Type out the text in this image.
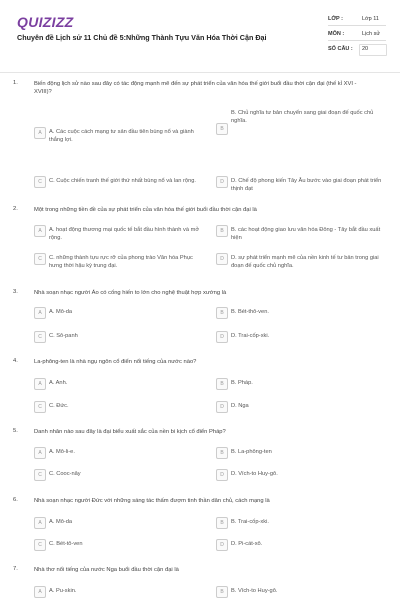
QUIZIZZ
Chuyên đề Lịch sử 11 Chủ đề 5:Những Thành Tựu Văn Hóa Thời Cận Đại
LỚP :	Lớp 11
MÔN :	Lịch sử
SỐ CÂU :	20
1.	Biến động lịch sử nào sau đây có tác động mạnh mẽ đến sự phát triển của văn hóa thế giới buổi đầu thời cận đại (thế kỉ XVI - XVIII)?
A	A. Các cuộc cách mạng tư sản đầu tiên bùng nổ và giành thắng lợi.
B
B. Chủ nghĩa tư bản chuyển sang giai đoạn đế quốc chủ nghĩa.
C	C. Cuộc chiến tranh thế giới thứ nhất bùng nổ và lan rộng.	D	D. Chế độ phong kiến Tây Âu bước vào giai đoạn phát triển thịnh đạt
2.	Một trong những tiền đề của sự phát triển của văn hóa thế giới buổi đầu thời cận đại là
A	A. hoạt động thương mại quốc tế bắt đầu hình thành và mở rộng.
B	B. các hoạt động giao lưu văn hóa Đông - Tây bắt đầu xuất hiện
C	C. những thành tựu rực rỡ của phong trào Văn hóa Phục hưng thời hậu kỳ trung đại.
D	D. sự phát triển mạnh mẽ của nền kinh tế tư bản trong giai đoạn đế quốc chủ nghĩa.
3.	Nhà soạn nhạc người Áo có cống hiến to lớn cho nghệ thuật hợp xướng là
A	A. Mô-da	B	B. Bét-thô-ven.
C	C. Sô-panh	D	D. Trai-cốp-xki.
4.	La-phông-ten là nhà ngụ ngôn cổ điển nổi tiếng của nước nào?
A	A. Anh.	B	B. Pháp.
C	C. Đức.	D	D. Nga
5.	Danh nhân nào sau đây là đại biểu xuất sắc của nền bi kịch cổ điển Pháp?
A	A. Mô-li-e.	B	B. La-phông-ten
C	C. Cooc-nây	D	D. Vích-to Huy-gô.
6.	Nhà soạn nhạc người Đức với những sáng tác thấm đượm tinh thần dân chủ, cách mạng là
A	A. Mô-da	B	B. Trai-cốp-xki.
C	C. Bét-tô-ven	D	D. Pi-cát-xô.
7.	Nhà thơ nổi tiếng của nước Nga buổi đầu thời cận đại là
A	A. Pu-skin.	B	B. Vích-to Huy-gô.
